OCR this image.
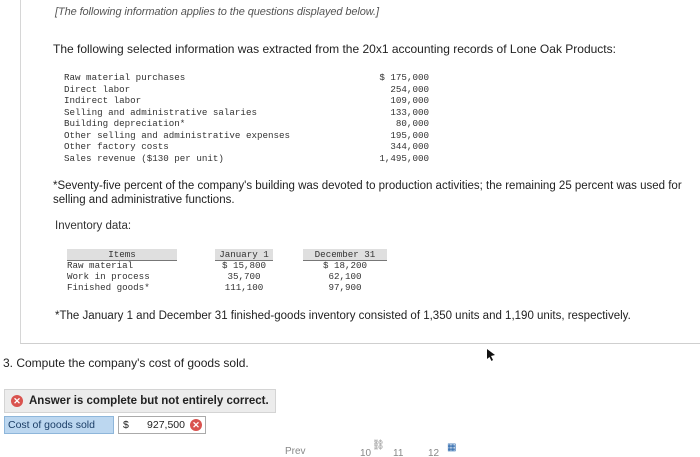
[The following information applies to the questions displayed below.]
The following selected information was extracted from the 20x1 accounting records of Lone Oak Products:
Raw material purchases	$ 175,000
Direct labor	254,000
Indirect labor	109,000
Selling and administrative salaries	133,000
Building depreciation*	80,000
Other selling and administrative expenses	195,000
Other factory costs	344,000
Sales revenue ($130 per unit)	1,495,000
*Seventy-five percent of the company's building was devoted to production activities; the remaining 25 percent was used for selling and administrative functions.
Inventory data:
Items	January 1	December 31
Raw material	$ 15,800	$ 18,200
Work in process	35,700	62,100
Finished goods*	111,100	97,900
*The January 1 and December 31 finished-goods inventory consisted of 1,350 units and 1,190 units, respectively.
3. Compute the company's cost of goods sold.
✕ Answer is complete but not entirely correct.
Cost of goods sold	$ 927,500 ✕
Prev
⛓
10 11 12
▦
